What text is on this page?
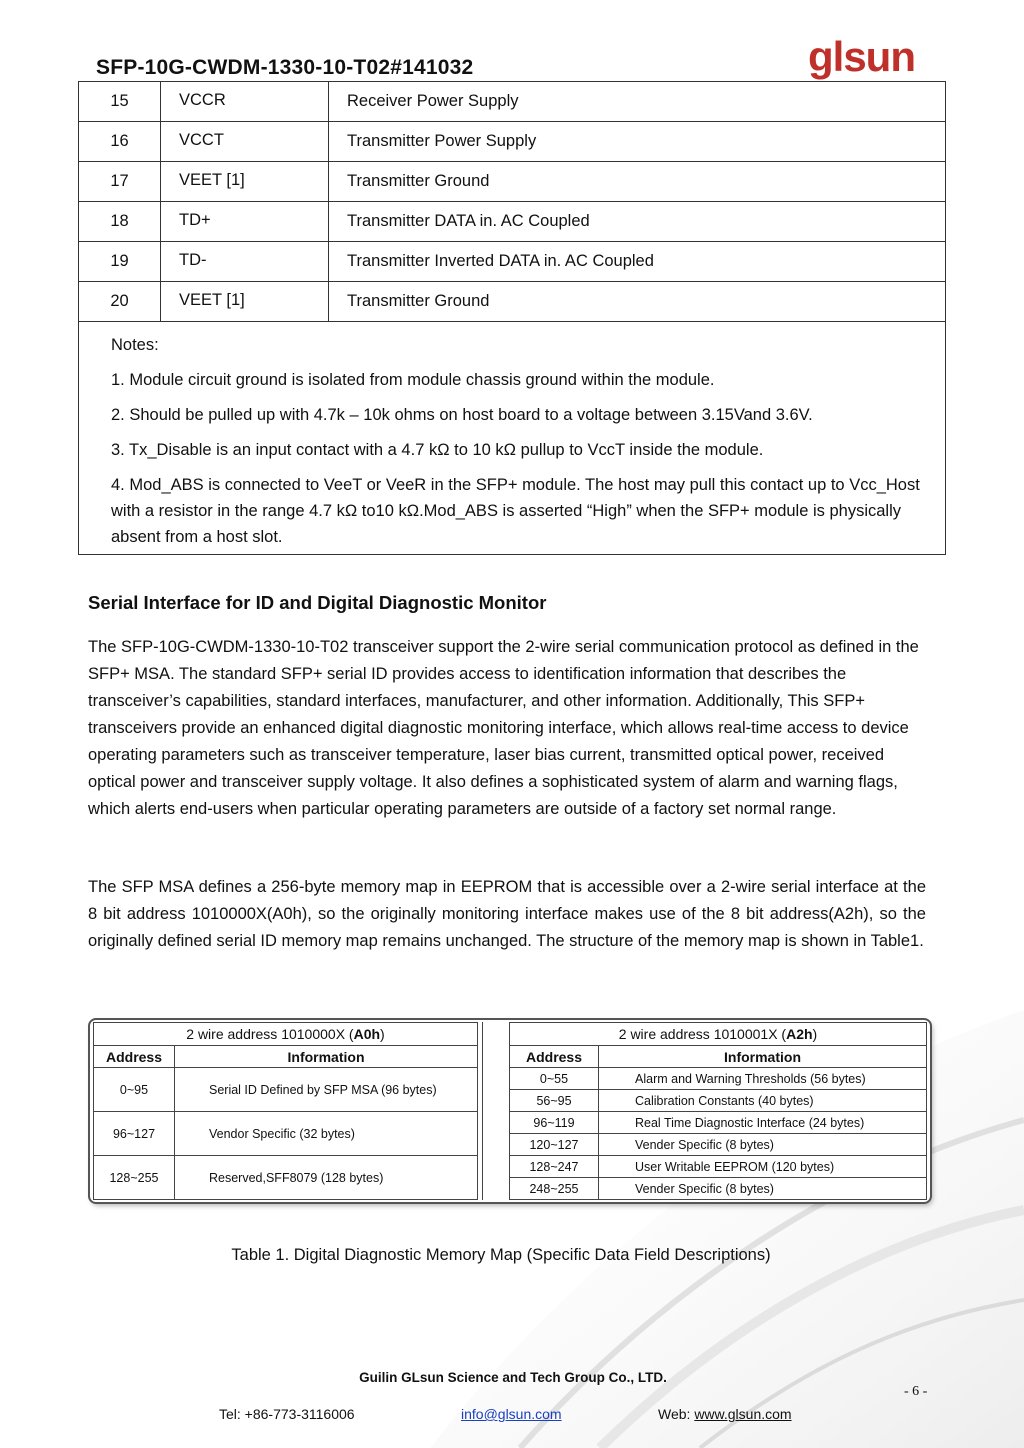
SFP-10G-CWDM-1330-10-T02#141032	glsun
15	VCCR	Receiver Power Supply
16	VCCT	Transmitter Power Supply
17	VEET [1]	Transmitter Ground
18	TD+	Transmitter DATA in. AC Coupled
19	TD-	Transmitter Inverted DATA in. AC Coupled
20	VEET [1]	Transmitter Ground

Notes:
1. Module circuit ground is isolated from module chassis ground within the module.
2. Should be pulled up with 4.7k – 10k ohms on host board to a voltage between 3.15Vand 3.6V.
3. Tx_Disable is an input contact with a 4.7 kΩ to 10 kΩ pullup to VccT inside the module.
4. Mod_ABS is connected to VeeT or VeeR in the SFP+ module. The host may pull this contact up to Vcc_Host with a resistor in the range 4.7 kΩ to10 kΩ.Mod_ABS is asserted “High” when the SFP+ module is physically absent from a host slot.		
Serial Interface for ID and Digital Diagnostic Monitor
The SFP-10G-CWDM-1330-10-T02 transceiver support the 2-wire serial communication protocol as defined in the SFP+ MSA. The standard SFP+ serial ID provides access to identification information that describes the transceiver’s capabilities, standard interfaces, manufacturer, and other information. Additionally, This SFP+ transceivers provide an enhanced digital diagnostic monitoring interface, which allows real-time access to device operating parameters such as transceiver temperature, laser bias current, transmitted optical power, received optical power and transceiver supply voltage. It also defines a sophisticated system of alarm and warning flags, which alerts end-users when particular operating parameters are outside of a factory set normal range.
The SFP MSA defines a 256-byte memory map in EEPROM that is accessible over a 2-wire serial interface at the 8 bit address 1010000X(A0h), so the originally monitoring interface makes use of the 8 bit address(A2h), so the originally defined serial ID memory map remains unchanged. The structure of the memory map is shown in Table1.
2 wire address 1010000X (A0h)	
Address	Information
0~95	Serial ID Defined by SFP MSA (96 bytes)
96~127	Vendor Specific (32 bytes)
128~255	Reserved,SFF8079 (128 bytes)
2 wire address 1010001X (A2h)	
Address	Information
0~55	Alarm and Warning Thresholds (56 bytes)
56~95	Calibration Constants (40 bytes)
96~119	Real Time Diagnostic Interface (24 bytes)
120~127	Vender Specific (8 bytes)
128~247	User Writable EEPROM (120 bytes)
248~255	Vender Specific (8 bytes)
Table 1. Digital Diagnostic Memory Map (Specific Data Field Descriptions)
Guilin GLsun Science and Tech Group Co., LTD.
- 6 -
Tel: +86-773-3116006	info@glsun.com	Web: www.glsun.com
